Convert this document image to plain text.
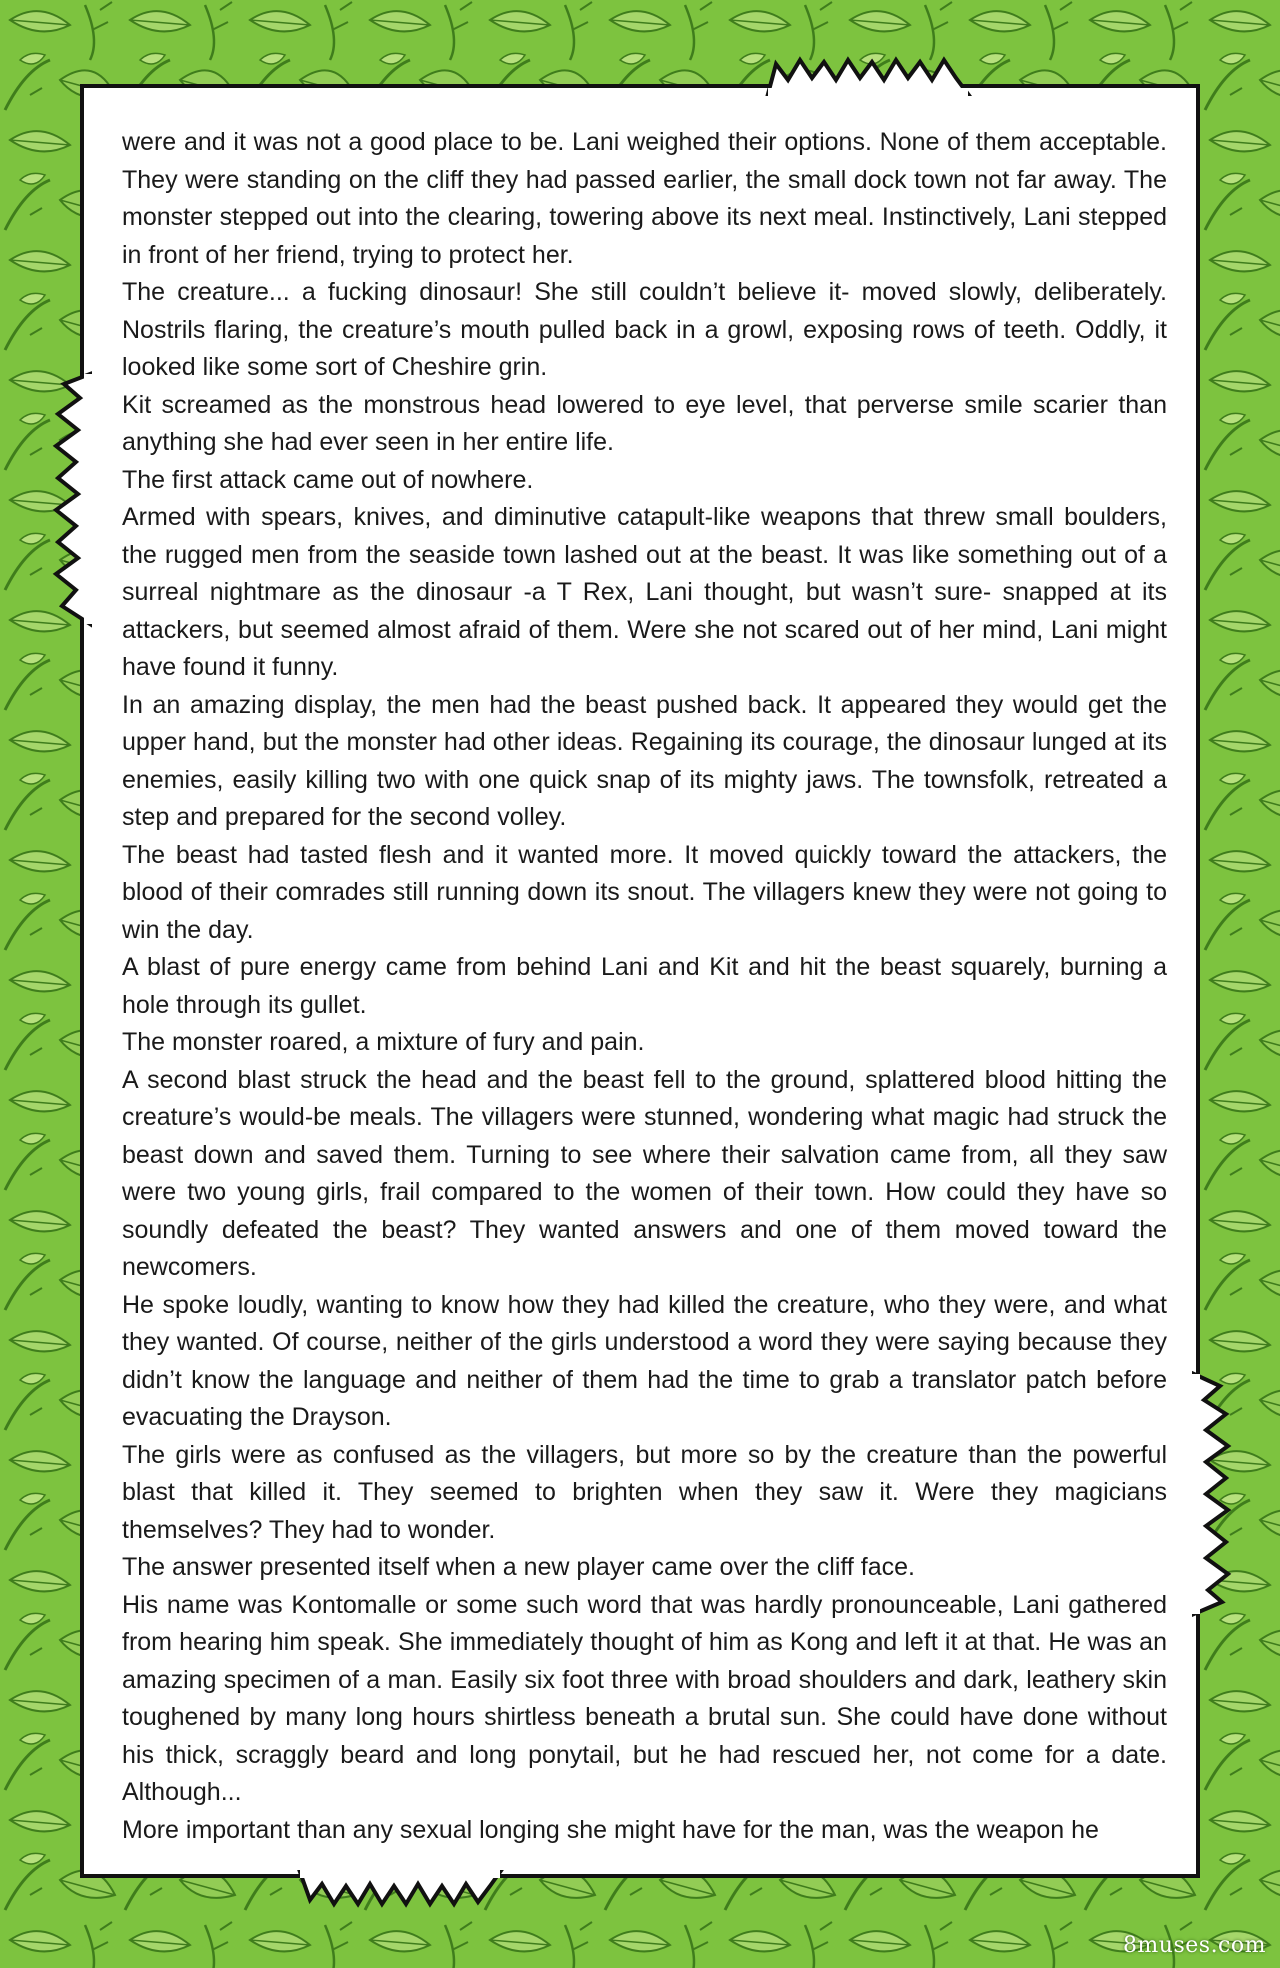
were and it was not a good place to be. Lani weighed their options. None of them acceptable. They were standing on the cliff they had passed earlier, the small dock town not far away. The monster stepped out into the clearing, towering above its next meal. Instinctively, Lani stepped in front of her friend, trying to protect her.

The creature... a fucking dinosaur! She still couldn’t believe it- moved slowly, deliberately. Nostrils flaring, the creature’s mouth pulled back in a growl, exposing rows of teeth. Oddly, it looked like some sort of Cheshire grin.

Kit screamed as the monstrous head lowered to eye level, that perverse smile scarier than anything she had ever seen in her entire life.

The first attack came out of nowhere.

Armed with spears, knives, and diminutive catapult-like weapons that threw small boulders, the rugged men from the seaside town lashed out at the beast. It was like something out of a surreal nightmare as the dinosaur -a T Rex, Lani thought, but wasn’t sure- snapped at its attackers, but seemed almost afraid of them. Were she not scared out of her mind, Lani might have found it funny.

In an amazing display, the men had the beast pushed back. It appeared they would get the upper hand, but the monster had other ideas. Regaining its courage, the dinosaur lunged at its enemies, easily killing two with one quick snap of its mighty jaws. The townsfolk, retreated a step and prepared for the second volley.

The beast had tasted flesh and it wanted more. It moved quickly toward the attackers, the blood of their comrades still running down its snout. The villagers knew they were not going to win the day.

A blast of pure energy came from behind Lani and Kit and hit the beast squarely, burning a hole through its gullet.

The monster roared, a mixture of fury and pain.

A second blast struck the head and the beast fell to the ground, splattered blood hitting the creature’s would-be meals. The villagers were stunned, wondering what magic had struck the beast down and saved them. Turning to see where their salvation came from, all they saw were two young girls, frail compared to the women of their town. How could they have so soundly defeated the beast? They wanted answers and one of them moved toward the newcomers.

He spoke loudly, wanting to know how they had killed the creature, who they were, and what they wanted. Of course, neither of the girls understood a word they were saying because they didn’t know the language and neither of them had the time to grab a translator patch before evacuating the Drayson.

The girls were as confused as the villagers, but more so by the creature than the powerful blast that killed it. They seemed to brighten when they saw it. Were they magicians themselves? They had to wonder.

The answer presented itself when a new player came over the cliff face.

His name was Kontomalle or some such word that was hardly pronounceable, Lani gathered from hearing him speak. She immediately thought of him as Kong and left it at that. He was an amazing specimen of a man. Easily six foot three with broad shoulders and dark, leathery skin toughened by many long hours shirtless beneath a brutal sun. She could have done without his thick, scraggly beard and long ponytail, but he had rescued her, not come for a date. Although...

More important than any sexual longing she might have for the man, was the weapon he

8muses.com
